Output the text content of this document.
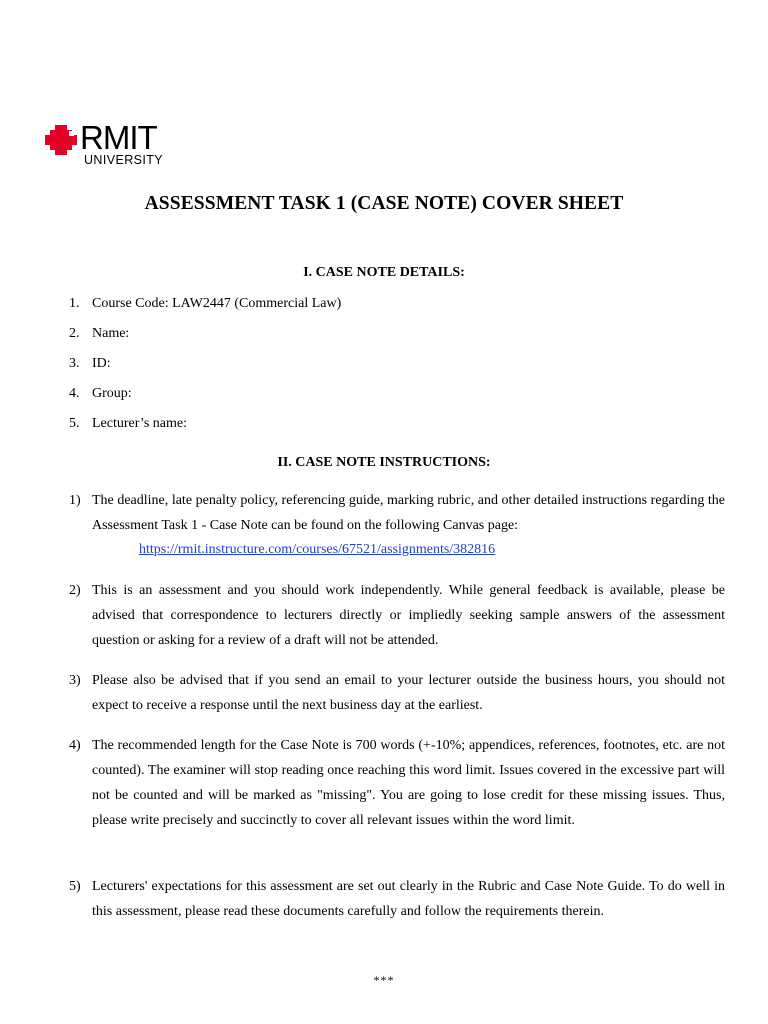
RMIT
UNIVERSITY
ASSESSMENT TASK 1 (CASE NOTE) COVER SHEET
I. CASE NOTE DETAILS:
1. Course Code: LAW2447 (Commercial Law)
2. Name:
3. ID:
4. Group:
5. Lecturer’s name:
II. CASE NOTE INSTRUCTIONS:
1) The deadline, late penalty policy, referencing guide, marking rubric, and other detailed instructions regarding the Assessment Task 1 - Case Note can be found on the following Canvas page:
https://rmit.instructure.com/courses/67521/assignments/382816
2) This is an assessment and you should work independently. While general feedback is available, please be advised that correspondence to lecturers directly or impliedly seeking sample answers of the assessment question or asking for a review of a draft will not be attended.
3) Please also be advised that if you send an email to your lecturer outside the business hours, you should not expect to receive a response until the next business day at the earliest.
4) The recommended length for the Case Note is 700 words (+-10%; appendices, references, footnotes, etc. are not counted). The examiner will stop reading once reaching this word limit. Issues covered in the excessive part will not be counted and will be marked as "missing". You are going to lose credit for these missing issues. Thus, please write precisely and succinctly to cover all relevant issues within the word limit.
5) Lecturers' expectations for this assessment are set out clearly in the Rubric and Case Note Guide. To do well in this assessment, please read these documents carefully and follow the requirements therein.
***
